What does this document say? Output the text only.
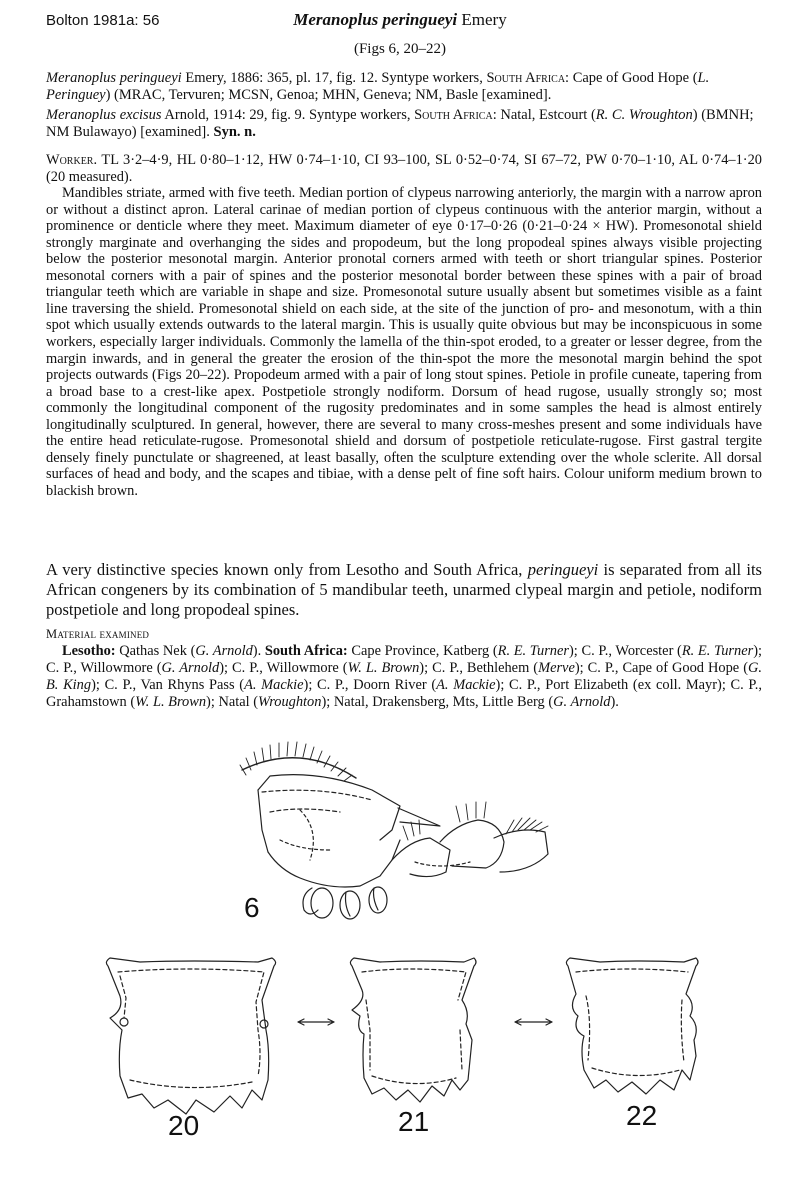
Bolton 1981a: 56	Meranoplus peringueyi Emery
(Figs 6, 20–22)
Meranoplus peringueyi Emery, 1886: 365, pl. 17, fig. 12. Syntype workers, South Africa: Cape of Good Hope (L. Peringuey) (MRAC, Tervuren; MCSN, Genoa; MHN, Geneva; NM, Basle [examined].
Meranoplus excisus Arnold, 1914: 29, fig. 9. Syntype workers, South Africa: Natal, Estcourt (R. C. Wroughton) (BMNH; NM Bulawayo) [examined]. Syn. n.

Worker. TL 3·2–4·9, HL 0·80–1·12, HW 0·74–1·10, CI 93–100, SL 0·52–0·74, SI 67–72, PW 0·70–1·10, AL 0·74–1·20 (20 measured).

Mandibles striate, armed with five teeth. Median portion of clypeus narrowing anteriorly, the margin with a narrow apron or without a distinct apron. Lateral carinae of median portion of clypeus continuous with the anterior margin, without a prominence or denticle where they meet. Maximum diameter of eye 0·17–0·26 (0·21–0·24 × HW). Promesonotal shield strongly marginate and overhanging the sides and propodeum, but the long propodeal spines always visible projecting below the posterior mesonotal margin. Anterior pronotal corners armed with teeth or short triangular spines. Posterior mesonotal corners with a pair of spines and the posterior mesonotal border between these spines with a pair of broad triangular teeth which are variable in shape and size. Promesonotal suture usually absent but sometimes visible as a faint line traversing the shield. Promesonotal shield on each side, at the site of the junction of pro- and mesonotum, with a thin spot which usually extends outwards to the lateral margin. This is usually quite obvious but may be inconspicuous in some workers, especially larger individuals. Commonly the lamella of the thin-spot eroded, to a greater or lesser degree, from the margin inwards, and in general the greater the erosion of the thin-spot the more the mesonotal margin behind the spot projects outwards (Figs 20–22). Propodeum armed with a pair of long stout spines. Petiole in profile cuneate, tapering from a broad base to a crest-like apex. Postpetiole strongly nodiform. Dorsum of head rugose, usually strongly so; most commonly the longitudinal component of the rugosity predominates and in some samples the head is almost entirely longitudinally sculptured. In general, however, there are several to many cross-meshes present and some individuals have the entire head reticulate-rugose. Promesonotal shield and dorsum of postpetiole reticulate-rugose. First gastral tergite densely finely punctulate or shagreened, at least basally, often the sculpture extending over the whole sclerite. All dorsal surfaces of head and body, and the scapes and tibiae, with a dense pelt of fine soft hairs. Colour uniform medium brown to blackish brown.

A very distinctive species known only from Lesotho and South Africa, peringueyi is separated from all its African congeners by its combination of 5 mandibular teeth, unarmed clypeal margin and petiole, nodiform postpetiole and long propodeal spines.
Material examined
Lesotho: Qathas Nek (G. Arnold). South Africa: Cape Province, Katberg (R. E. Turner); C. P., Worcester (R. E. Turner); C. P., Willowmore (G. Arnold); C. P., Willowmore (W. L. Brown); C. P., Bethlehem (Merve); C. P., Cape of Good Hope (G. B. King); C. P., Van Rhyns Pass (A. Mackie); C. P., Doorn River (A. Mackie); C. P., Port Elizabeth (ex coll. Mayr); C. P., Grahamstown (W. L. Brown); Natal (Wroughton); Natal, Drakensberg, Mts, Little Berg (G. Arnold).
6
20	21	22
